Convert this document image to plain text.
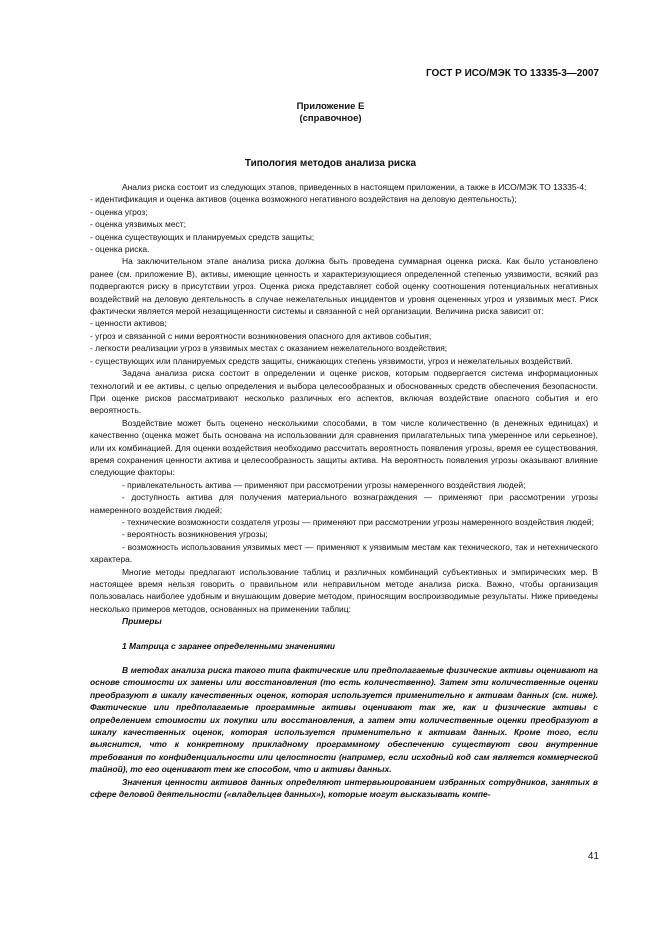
ГОСТ Р ИСО/МЭК ТО 13335-3—2007
Приложение Е
(справочное)
Типология методов анализа риска

Анализ риска состоит из следующих этапов, приведенных в настоящем приложении, а также в ИСО/МЭК ТО 13335-4:

- идентификация и оценка активов (оценка возможного негативного воздействия на деловую деятельность);

- оценка угроз;

- оценка уязвимых мест;

- оценка существующих и планируемых средств защиты;

- оценка риска.

На заключительном этапе анализа риска должна быть проведена суммарная оценка риска. Как было установлено ранее (см. приложение В), активы, имеющие ценность и характеризующиеся определенной степенью уязвимости, всякий раз подвергаются риску в присутствии угроз. Оценка риска представляет собой оценку соотношения потенциальных негативных воздействий на деловую деятельность в случае нежелательных инцидентов и уровня оцененных угроз и уязвимых мест. Риск фактически является мерой незащищенности системы и связанной с ней организации. Величина риска зависит от:

- ценности активов;

- угроз и связанной с ними вероятности возникновения опасного для активов события;

- легкости реализации угроз в уязвимых местах с оказанием нежелательного воздействия;

- существующих или планируемых средств защиты, снижающих степень уязвимости, угроз и нежелательных воздействий.

Задача анализа риска состоит в определении и оценке рисков, которым подвергается система информационных технологий и ее активы, с целью определения и выбора целесообразных и обоснованных средств обеспечения безопасности. При оценке рисков рассматривают несколько различных его аспектов, включая воздействие опасного события и его вероятность.

Воздействие может быть оценено несколькими способами, в том числе количественно (в денежных единицах) и качественно (оценка может быть основана на использовании для сравнения прилагательных типа умеренное или серьезное), или их комбинацией. Для оценки воздействия необходимо рассчитать вероятность появления угрозы, время ее существования, время сохранения ценности актива и целесообразность защиты актива. На вероятность появления угрозы оказывают влияние следующие факторы:

- привлекательность актива — применяют при рассмотрении угрозы намеренного воздействия людей;

- доступность актива для получения материального вознаграждения — применяют при рассмотрении угрозы намеренного воздействия людей;

- технические возможности создателя угрозы — применяют при рассмотрении угрозы намеренного воздействия людей;

- вероятность возникновения угрозы;

- возможность использования уязвимых мест — применяют к уязвимым местам как технического, так и нетехнического характера.

Многие методы предлагают использование таблиц и различных комбинаций субъективных и эмпирических мер. В настоящее время нельзя говорить о правильном или неправильном методе анализа риска. Важно, чтобы организация пользовалась наиболее удобным и внушающим доверие методом, приносящим воспроизводимые результаты. Ниже приведены несколько примеров методов, основанных на применении таблиц:

Примеры

1 Матрица с заранее определенными значениями

В методах анализа риска такого типа фактические или предполагаемые физические активы оценивают на основе стоимости их замены или восстановления (то есть количественно). Затем эти количественные оценки преобразуют в шкалу качественных оценок, которая используется применительно к активам данных (см. ниже). Фактические или предполагаемые программные активы оценивают так же, как и физические активы с определением стоимости их покупки или восстановления, а затем эти количественные оценки преобразуют в шкалу качественных оценок, которая используется применительно к активам данных. Кроме того, если выяснится, что к конкретному прикладному программному обеспечению существуют свои внутренние требования по конфиденциальности или целостности (например, если исходный код сам является коммерческой тайной), то его оценивают тем же способом, что и активы данных.

Значения ценности активов данных определяют интервьюированием избранных сотрудников, занятых в сфере деловой деятельности («владельцев данных»), которые могут высказывать компе-

41
